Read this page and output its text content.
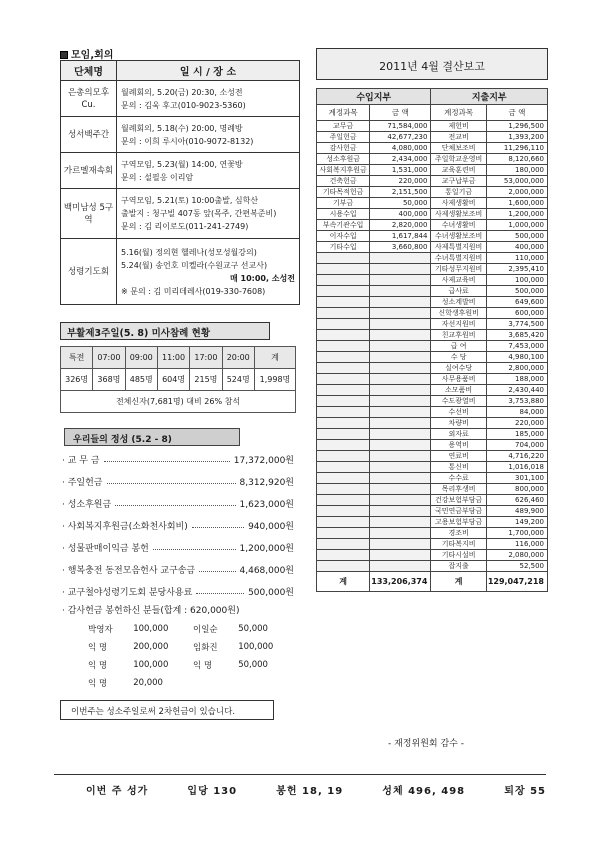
모임,회의
단체명	일 시 / 장 소
은총의모후 Cu.	월례회의, 5.20(금) 20:30, 소성전
문의 : 김욱 후고(010-9023-5360)

성서백주간	월례회의, 5.18(수) 20:00, 명례방
문의 : 이희 루시아(010-9072-8132)

가르멜재속회	구역모임, 5.23(월) 14:00, 연꽃방
문의 : 설필응 이리암

백미남성 5구역	구역모임, 5.21(토) 10:00출발, 심학산
출발지 : 청구빌 407동 앞(목주, 간편복준비)
문의 : 김 리이로도(011-241-2749)

성령기도회	5.16(월) 정의현 헬레나(성모성월강의)
5.24(월) 송언호 미켈라(수원교구 선교사)
매 10:00, 소성전
※ 문의 : 김 미리데레사(019-330-7608)
부활제3주일(5. 8) 미사참례 현황
특전	07:00	09:00	11:00	17:00	20:00	계
326명	368명	485명	604명	215명	524명	1,998명
전체신자(7,681명) 대비 26% 참석						
우리들의 정성 (5.2 - 8)
· 교 무 금	17,372,000원
· 주일헌금	8,312,920원
· 성소후원금	1,623,000원
· 사회복지후원금(소화천사회비)	940,000원
· 성물판매이익금 봉헌	1,200,000원
· 행복충전 동전모음헌사 교구송금	4,468,000원
· 교구철야성령기도회 분당사용료	500,000원
· 감사헌금 봉헌하신 분들(합계 : 620,000원)
박영자	100,000	이일순	50,000
익 명	200,000	임화진	100,000
익 명	100,000	익 명	50,000
익 명	20,000		
이번주는 성소주일로써 2차헌금이 있습니다.
2011년 4월 결산보고
수입지부		지출지부	
계정과목	금 액	계정과목	금 액
교무금	71,584,000	제헌비	1,296,500
주일헌금	42,677,230	전교비	1,393,200
감사헌금	4,080,000	단체보조비	11,296,110
성소후원금	2,434,000	주일학교운영비	8,120,660
사회복지후원금	1,531,000	교육훈련비	180,000
건축헌금	220,000	교구납부금	53,000,000
기타목적헌금	2,151,500	통일기금	2,000,000
기부금	50,000	사제생활비	1,600,000
시용수입	400,000	사제생활보조비	1,200,000
부속기관수입	2,820,000	수녀생활비	1,000,000
이자수입	1,617,844	수녀생활보조비	500,000
기타수입	3,660,800	사제특별지원비	400,000
		수녀특별지원비	110,000
		기타성무지원비	2,395,410
		사제교육비	100,000
		급사료	500,000
		성소계발비	649,600
		신학생후원비	600,000
		자선지원비	3,774,500
		친교후원비	3,685,420
		급 여	7,453,000
		수 당	4,980,100
		실여수당	2,800,000
		사무용품비	188,000
		소모품비	2,430,440
		수도광열비	3,753,880
		수선비	84,000
		차량비	220,000
		외자료	185,000
		용역비	704,000
		연료비	4,716,220
		통신비	1,016,018
		수수료	301,100
		목리후생비	800,000
		건강보험부담금	626,460
		국민연금부담금	489,900
		고용보험부담금	149,200
		경조비	1,700,000
		기타복지비	116,000
		기타시설비	2,080,000
		잡지출	52,500
계	133,206,374	계	129,047,218
- 재정위원회 감수 -
이번 주 성가	입당 130	봉헌 18, 19	성체 496, 498	퇴장 55
